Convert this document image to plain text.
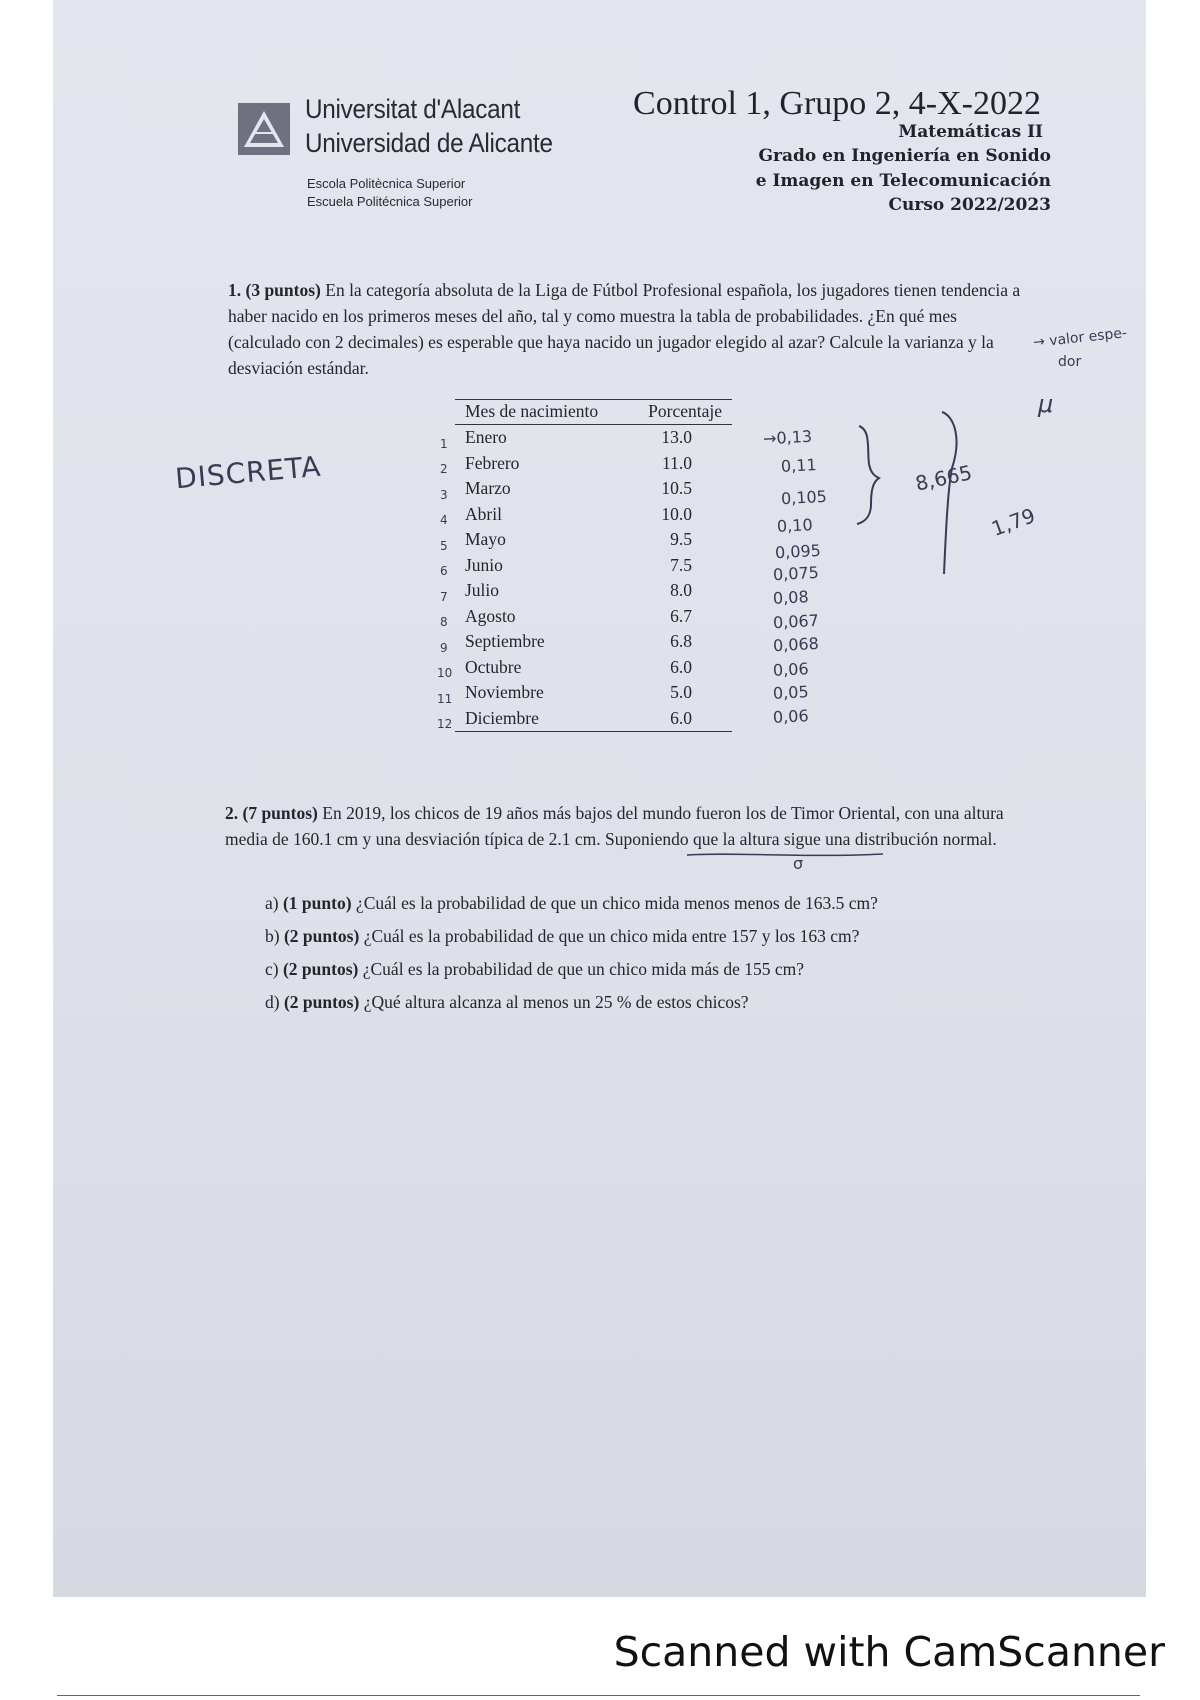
Universitat d'Alacant
Universidad de Alicante
Escola Politècnica Superior
Escuela Politécnica Superior
Control 1, Grupo 2, 4-X-2022
Matemáticas II
Grado en Ingeniería en Sonido
e Imagen en Telecomunicación
Curso 2022/2023
1. (3 puntos) En la categoría absoluta de la Liga de Fútbol Profesional española, los jugadores tienen tendencia a haber nacido en los primeros meses del año, tal y como muestra la tabla de probabilidades. ¿En qué mes (calculado con 2 decimales) es esperable que haya nacido un jugador elegido al azar? Calcule la varianza y la desviación estándar.
Mes de nacimiento	Porcentaje
Enero	13.0
Febrero	11.0
Marzo	10.5
Abril	10.0
Mayo	9.5
Junio	7.5
Julio	8.0
Agosto	6.7
Septiembre	6.8
Octubre	6.0
Noviembre	5.0
Diciembre	6.0
DISCRETA
1
2
3
4
5
6
7
8
9
10
11
12
→0,13
0,11
0,105
0,10
0,095
0,075
0,08
0,067
0,068
0,06
0,05
0,06
8,665
1,79
→ valor espe-
dor
μ
2. (7 puntos) En 2019, los chicos de 19 años más bajos del mundo fueron los de Timor Oriental, con una altura media de 160.1 cm y una desviación típica de 2.1 cm. Suponiendo que la altura sigue una distribución normal.
σ
a) (1 punto) ¿Cuál es la probabilidad de que un chico mida menos menos de 163.5 cm?
b) (2 puntos) ¿Cuál es la probabilidad de que un chico mida entre 157 y los 163 cm?
c) (2 puntos) ¿Cuál es la probabilidad de que un chico mida más de 155 cm?
d) (2 puntos) ¿Qué altura alcanza al menos un 25 % de estos chicos?
Scanned with CamScanner
